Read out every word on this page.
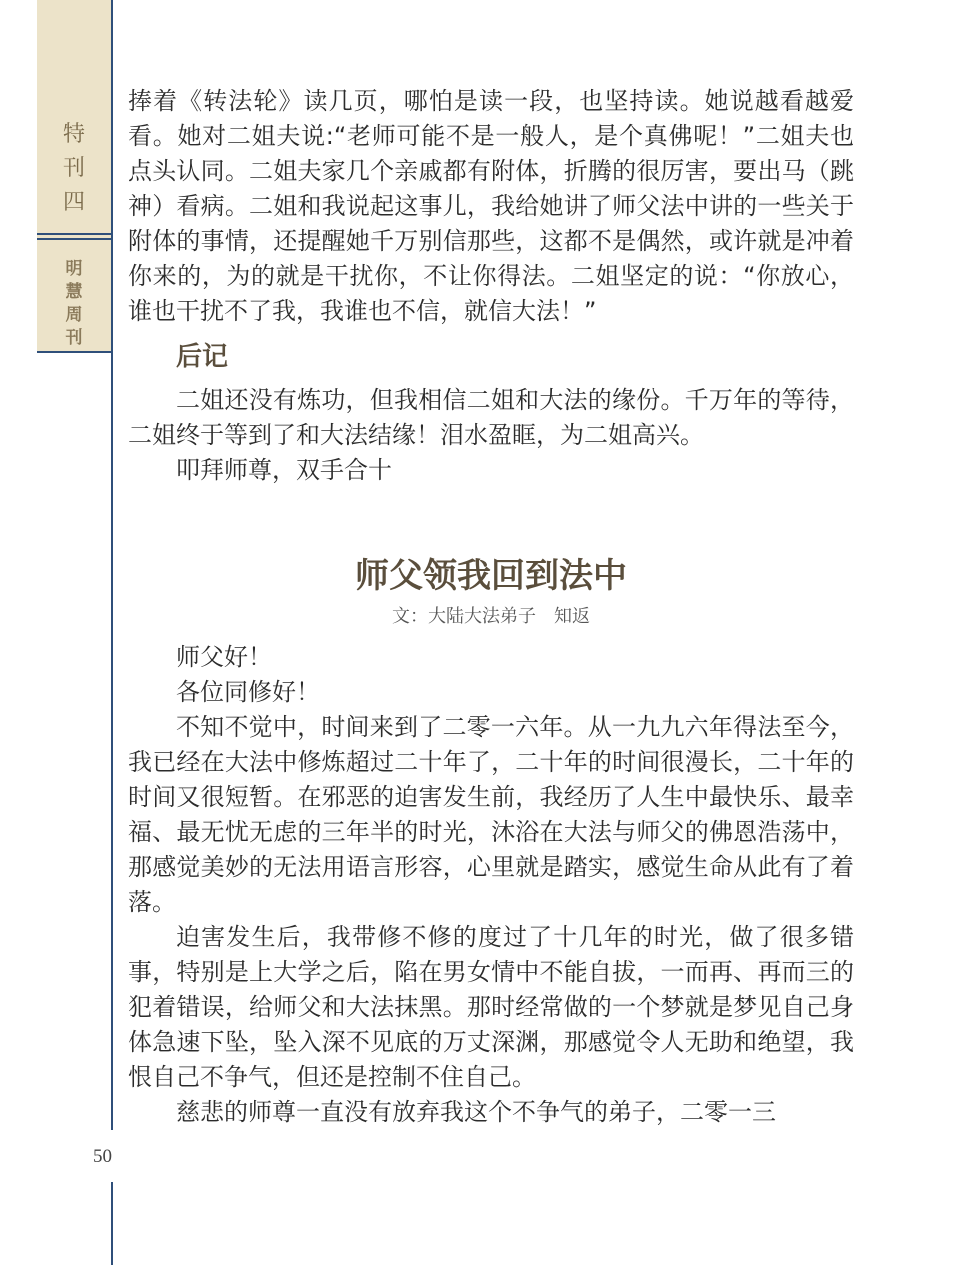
特
刊
四
明
慧
周
刊
50

捧着《转法轮》读几页，哪怕是读一段，也坚持读。她说越看越爱看。她对二姐夫说:“老师可能不是一般人，是个真佛呢！”二姐夫也点头认同。二姐夫家几个亲戚都有附体，折腾的很厉害，要出马（跳神）看病。二姐和我说起这事儿，我给她讲了师父法中讲的一些关于附体的事情，还提醒她千万别信那些，这都不是偶然，或许就是冲着你来的，为的就是干扰你，不让你得法。二姐坚定的说：“你放心，谁也干扰不了我，我谁也不信，就信大法！”

后记

二姐还没有炼功，但我相信二姐和大法的缘份。千万年的等待，二姐终于等到了和大法结缘！泪水盈眶，为二姐高兴。

叩拜师尊，双手合十

师父领我回到法中
文：大陆大法弟子　知返

师父好！

各位同修好！

不知不觉中，时间来到了二零一六年。从一九九六年得法至今，我已经在大法中修炼超过二十年了，二十年的时间很漫长，二十年的时间又很短暂。在邪恶的迫害发生前，我经历了人生中最快乐、最幸福、最无忧无虑的三年半的时光，沐浴在大法与师父的佛恩浩荡中，那感觉美妙的无法用语言形容，心里就是踏实，感觉生命从此有了着落。

迫害发生后，我带修不修的度过了十几年的时光，做了很多错事，特别是上大学之后，陷在男女情中不能自拔，一而再、再而三的犯着错误，给师父和大法抹黑。那时经常做的一个梦就是梦见自己身体急速下坠，坠入深不见底的万丈深渊，那感觉令人无助和绝望，我恨自己不争气，但还是控制不住自己。

慈悲的师尊一直没有放弃我这个不争气的弟子，二零一三
